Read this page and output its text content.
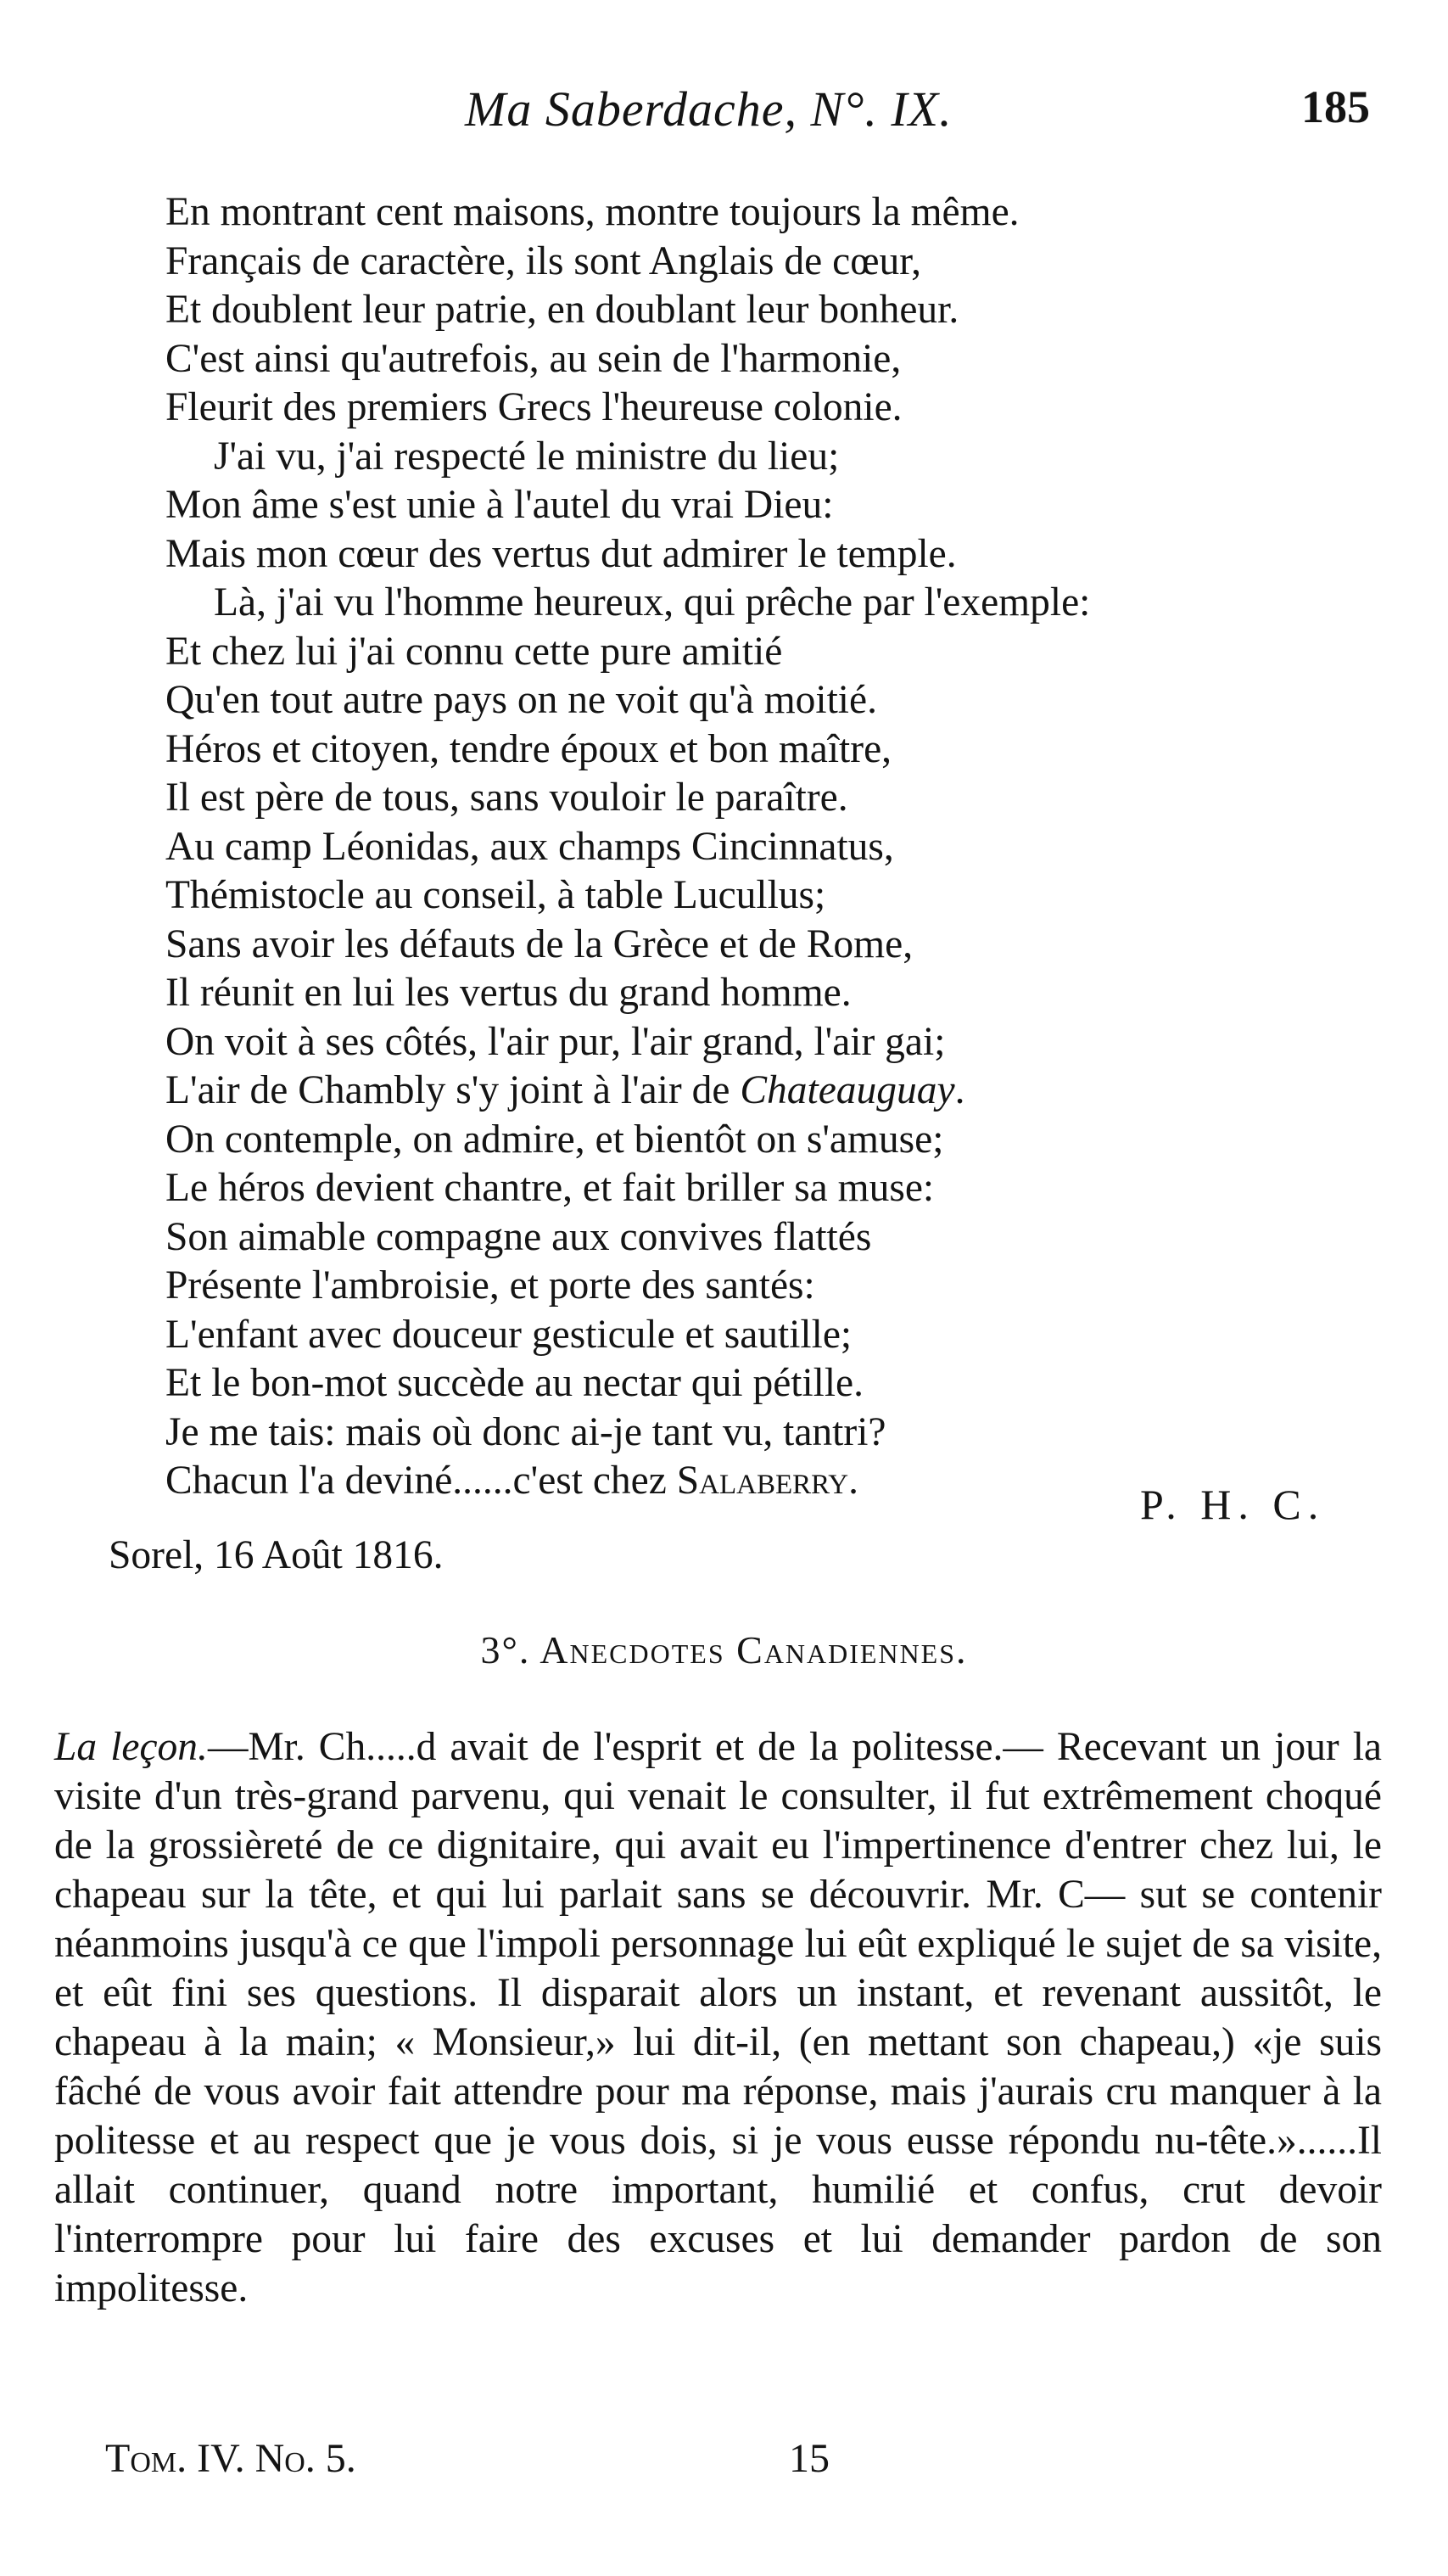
Ma Saberdache, N°. IX.	185
En montrant cent maisons, montre toujours la même.
Français de caractère, ils sont Anglais de cœur,
Et doublent leur patrie, en doublant leur bonheur.
C'est ainsi qu'autrefois, au sein de l'harmonie,
Fleurit des premiers Grecs l'heureuse colonie.
J'ai vu, j'ai respecté le ministre du lieu;
Mon âme s'est unie à l'autel du vrai Dieu:
Mais mon cœur des vertus dut admirer le temple.
Là, j'ai vu l'homme heureux, qui prêche par l'exemple:
Et chez lui j'ai connu cette pure amitié
Qu'en tout autre pays on ne voit qu'à moitié.
Héros et citoyen, tendre époux et bon maître,
Il est père de tous, sans vouloir le paraître.
Au camp Léonidas, aux champs Cincinnatus,
Thémistocle au conseil, à table Lucullus;
Sans avoir les défauts de la Grèce et de Rome,
Il réunit en lui les vertus du grand homme.
On voit à ses côtés, l'air pur, l'air grand, l'air gai;
L'air de Chambly s'y joint à l'air de Chateauguay.
On contemple, on admire, et bientôt on s'amuse;
Le héros devient chantre, et fait briller sa muse:
Son aimable compagne aux convives flattés
Présente l'ambroisie, et porte des santés:
L'enfant avec douceur gesticule et sautille;
Et le bon-mot succède au nectar qui pétille.
Je me tais: mais où donc ai-je tant vu, tantri?
Chacun l'a deviné......c'est chez Salaberry.	P. H. C.
Sorel, 16 Août 1816.
3°. Anecdotes Canadiennes.
La leçon.—Mr. Ch.....d avait de l'esprit et de la politesse.— Recevant un jour la visite d'un très-grand parvenu, qui venait le consulter, il fut extrêmement choqué de la grossièreté de ce dignitaire, qui avait eu l'impertinence d'entrer chez lui, le chapeau sur la tête, et qui lui parlait sans se découvrir. Mr. C— sut se contenir néanmoins jusqu'à ce que l'impoli personnage lui eût expliqué le sujet de sa visite, et eût fini ses questions. Il disparait alors un instant, et revenant aussitôt, le chapeau à la main; « Monsieur,» lui dit-il, (en mettant son chapeau,) «je suis fâché de vous avoir fait attendre pour ma réponse, mais j'aurais cru manquer à la politesse et au respect que je vous dois, si je vous eusse répondu nu-tête.»......Il allait continuer, quand notre important, humilié et confus, crut devoir l'interrompre pour lui faire des excuses et lui demander pardon de son impolitesse.
Tom. IV. No. 5.	15
